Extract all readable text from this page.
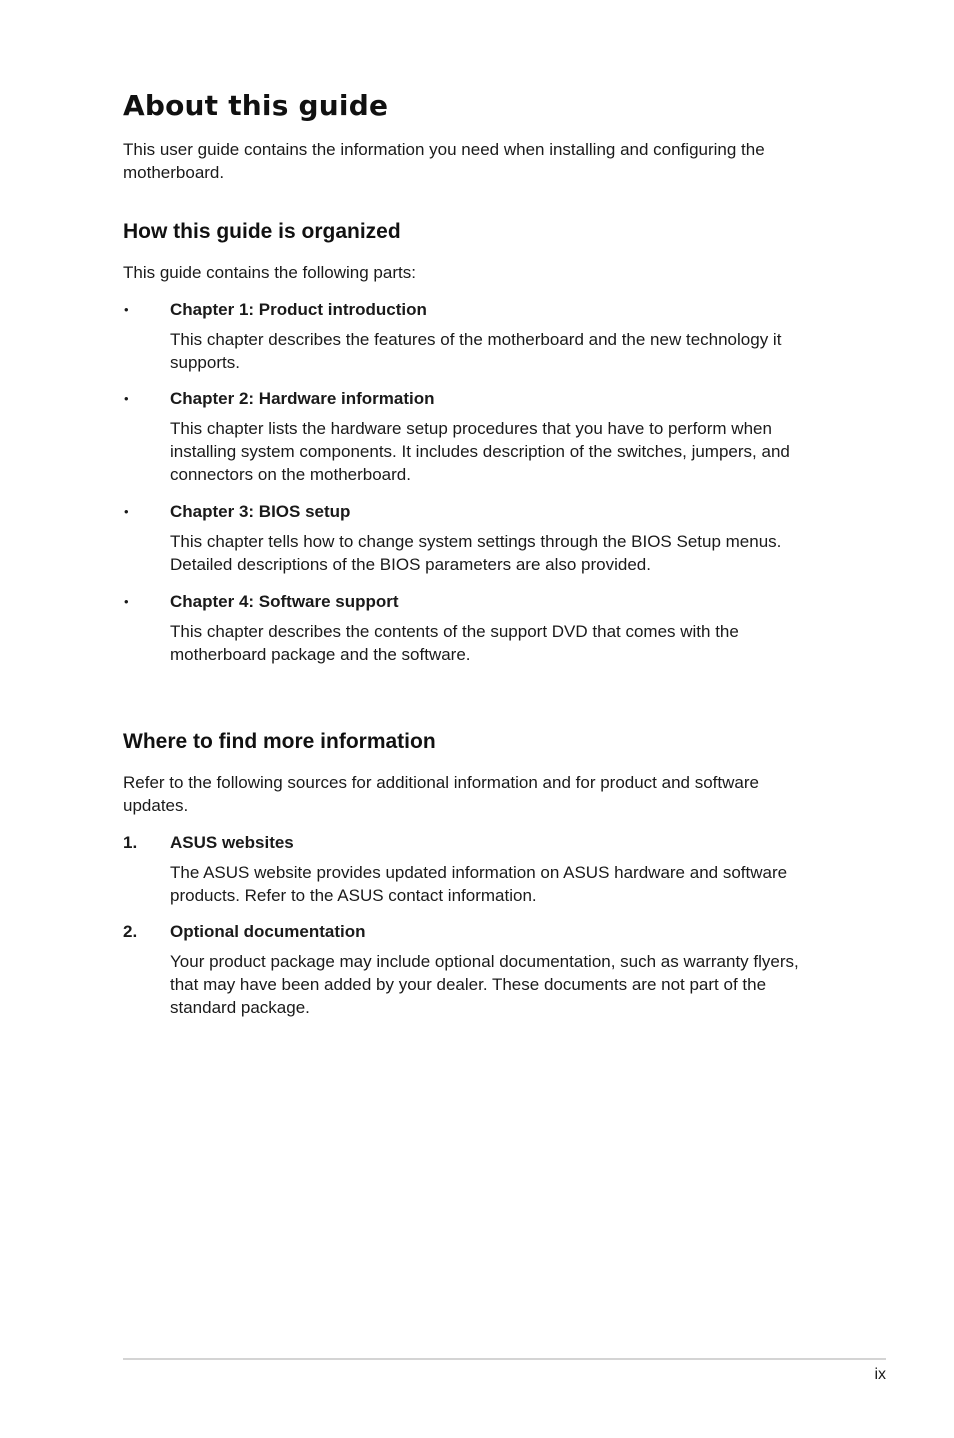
About this guide

This user guide contains the information you need when installing and configuring the motherboard.

How this guide is organized

This guide contains the following parts:

• Chapter 1: Product introduction

This chapter describes the features of the motherboard and the new technology it supports.

• Chapter 2: Hardware information

This chapter lists the hardware setup procedures that you have to perform when installing system components. It includes description of the switches, jumpers, and connectors on the motherboard.

• Chapter 3: BIOS setup

This chapter tells how to change system settings through the BIOS Setup menus. Detailed descriptions of the BIOS parameters are also provided.

• Chapter 4: Software support

This chapter describes the contents of the support DVD that comes with the motherboard package and the software.

Where to find more information

Refer to the following sources for additional information and for product and software updates.

1. ASUS websites

The ASUS website provides updated information on ASUS hardware and software products. Refer to the ASUS contact information.

2. Optional documentation

Your product package may include optional documentation, such as warranty flyers, that may have been added by your dealer. These documents are not part of the standard package.

ix
